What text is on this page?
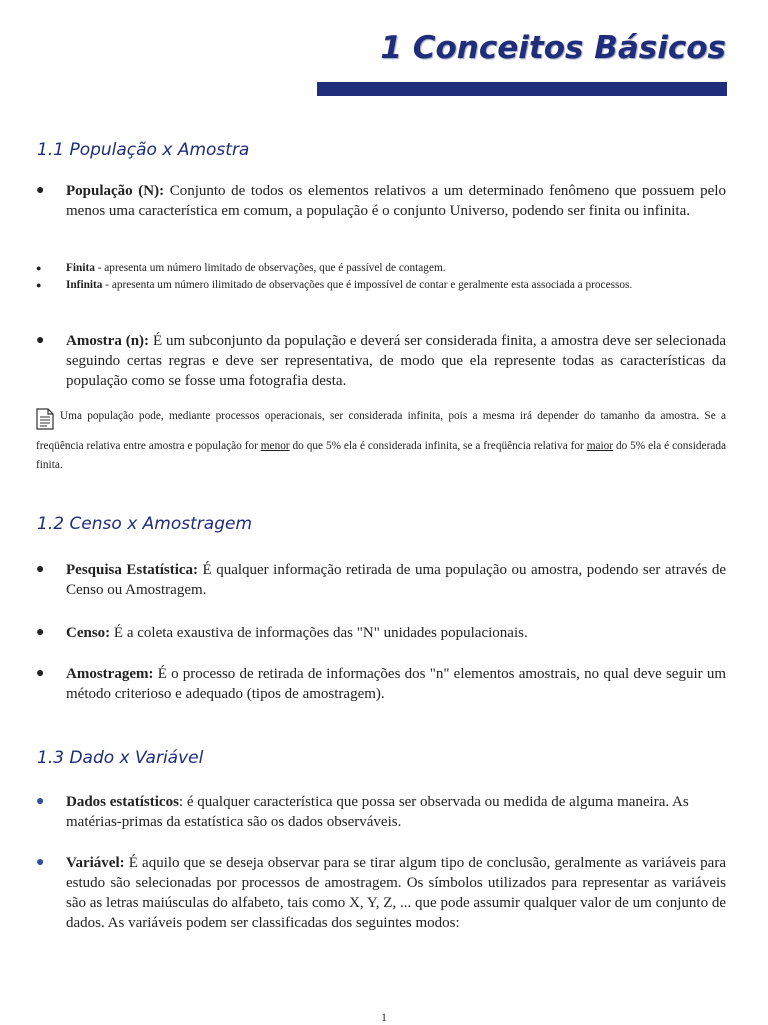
1 Conceitos Básicos
1.1 População x Amostra
● População (N): Conjunto de todos os elementos relativos a um determinado fenômeno que possuem pelo menos uma característica em comum, a população é o conjunto Universo, podendo ser finita ou infinita.
● Finita - apresenta um número limitado de observações, que é passível de contagem.
● Infinita - apresenta um número ilimitado de observações que é impossível de contar e geralmente esta associada a processos.
● Amostra (n): É um subconjunto da população e deverá ser considerada finita, a amostra deve ser selecionada seguindo certas regras e deve ser representativa, de modo que ela represente todas as características da população como se fosse uma fotografia desta.
Uma população pode, mediante processos operacionais, ser considerada infinita, pois a mesma irá depender do tamanho da amostra. Se a freqüência relativa entre amostra e população for menor do que 5% ela é considerada infinita, se a freqüência relativa for maior do 5% ela é considerada finita.
1.2 Censo x Amostragem
● Pesquisa Estatística: É qualquer informação retirada de uma população ou amostra, podendo ser através de Censo ou Amostragem.
● Censo: É a coleta exaustiva de informações das "N" unidades populacionais.
● Amostragem: É o processo de retirada de informações dos "n" elementos amostrais, no qual deve seguir um método criterioso e adequado (tipos de amostragem).
1.3 Dado x Variável
● Dados estatísticos: é qualquer característica que possa ser observada ou medida de alguma maneira. As matérias-primas da estatística são os dados observáveis.
● Variável: É aquilo que se deseja observar para se tirar algum tipo de conclusão, geralmente as variáveis para estudo são selecionadas por processos de amostragem. Os símbolos utilizados para representar as variáveis são as letras maiúsculas do alfabeto, tais como X, Y, Z, ... que pode assumir qualquer valor de um conjunto de dados. As variáveis podem ser classificadas dos seguintes modos:
1
